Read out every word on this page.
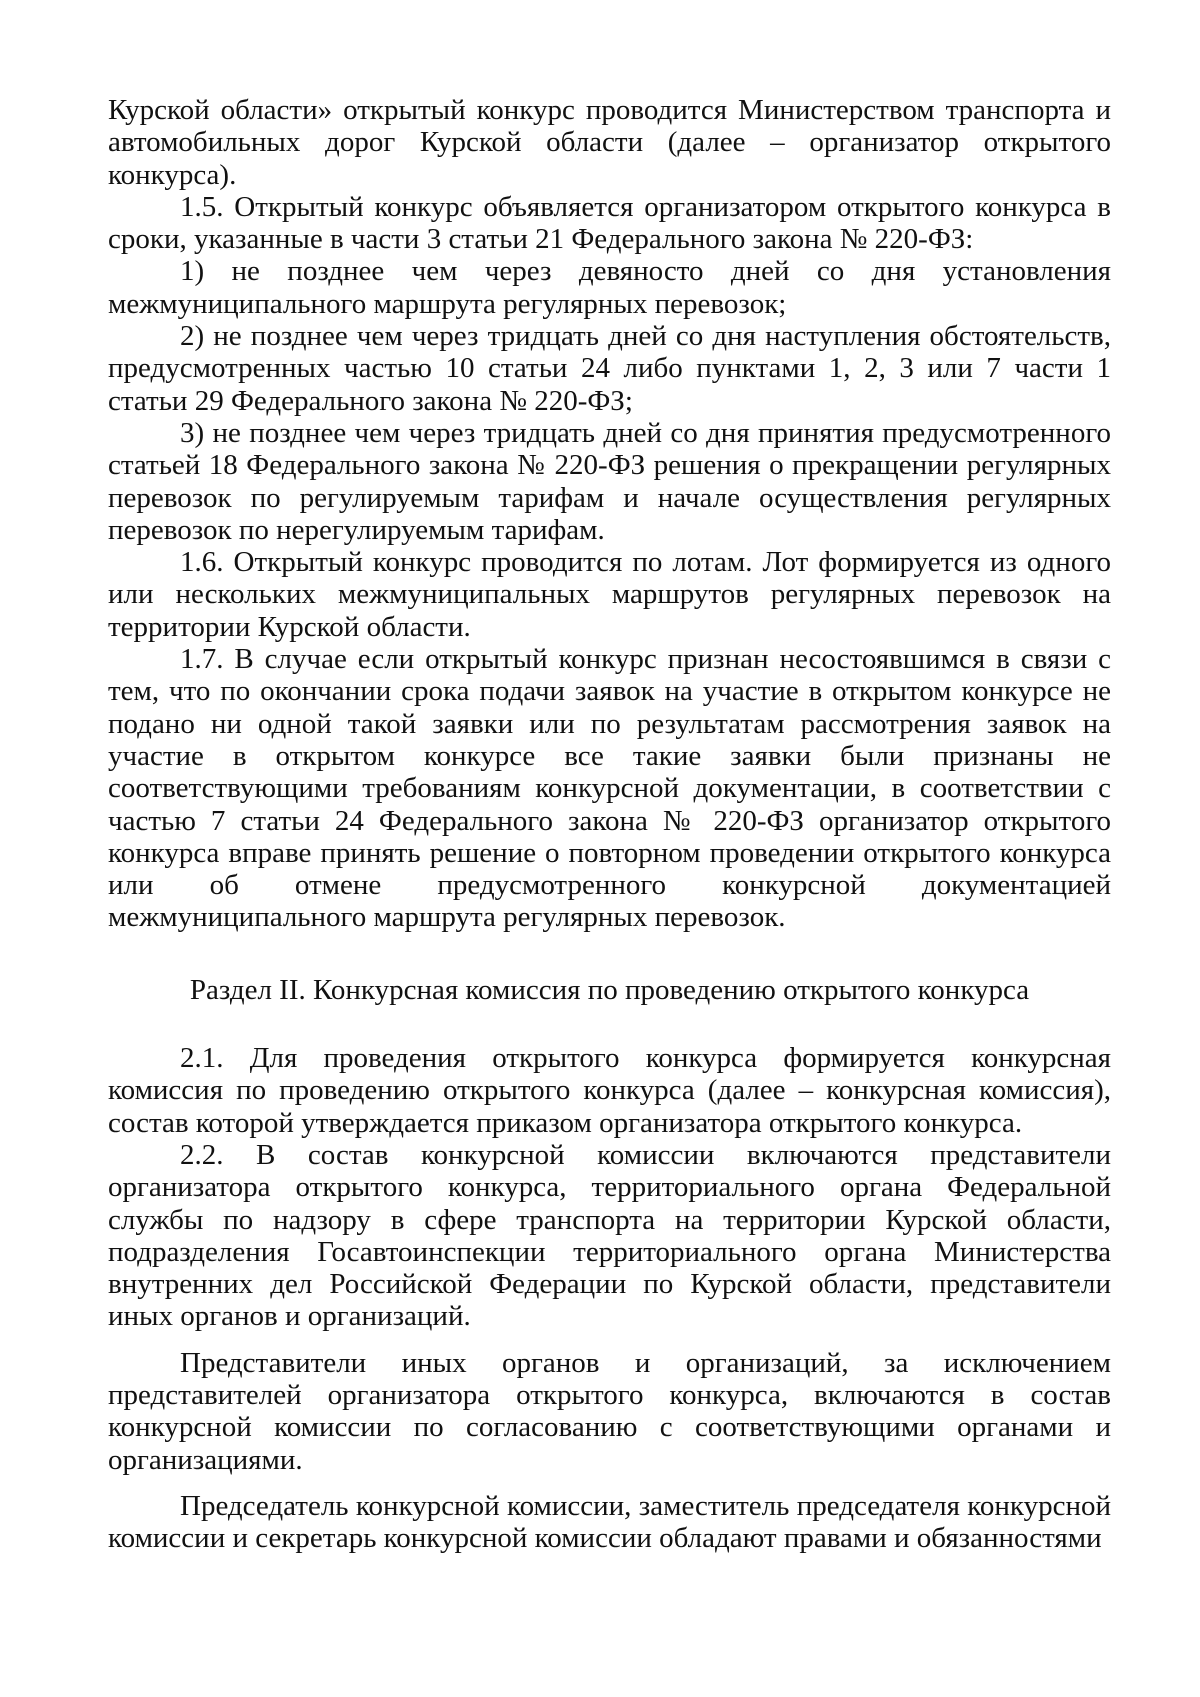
Курской области» открытый конкурс проводится Министерством транспорта и автомобильных дорог Курской области (далее – организатор открытого конкурса).

1.5. Открытый конкурс объявляется организатором открытого конкурса в сроки, указанные в части 3 статьи 21 Федерального закона № 220-ФЗ:

1) не позднее чем через девяносто дней со дня установления межмуниципального маршрута регулярных перевозок;

2) не позднее чем через тридцать дней со дня наступления обстоятельств, предусмотренных частью 10 статьи 24 либо пунктами 1, 2, 3 или 7 части 1 статьи 29 Федерального закона № 220-ФЗ;

3) не позднее чем через тридцать дней со дня принятия предусмотренного статьей 18 Федерального закона № 220-ФЗ решения о прекращении регулярных перевозок по регулируемым тарифам и начале осуществления регулярных перевозок по нерегулируемым тарифам.

1.6. Открытый конкурс проводится по лотам. Лот формируется из одного или нескольких межмуниципальных маршрутов регулярных перевозок на территории Курской области.

1.7. В случае если открытый конкурс признан несостоявшимся в связи с тем, что по окончании срока подачи заявок на участие в открытом конкурсе не подано ни одной такой заявки или по результатам рассмотрения заявок на участие в открытом конкурсе все такие заявки были признаны не соответствующими требованиям конкурсной документации, в соответствии с частью 7 статьи 24 Федерального закона № 220-ФЗ организатор открытого конкурса вправе принять решение о повторном проведении открытого конкурса или об отмене предусмотренного конкурсной документацией межмуниципального маршрута регулярных перевозок.

Раздел II. Конкурсная комиссия по проведению открытого конкурса

2.1. Для проведения открытого конкурса формируется конкурсная комиссия по проведению открытого конкурса (далее – конкурсная комиссия), состав которой утверждается приказом организатора открытого конкурса.

2.2. В состав конкурсной комиссии включаются представители организатора открытого конкурса, территориального органа Федеральной службы по надзору в сфере транспорта на территории Курской области, подразделения Госавтоинспекции территориального органа Министерства внутренних дел Российской Федерации по Курской области, представители иных органов и организаций.

Представители иных органов и организаций, за исключением представителей организатора открытого конкурса, включаются в состав конкурсной комиссии по согласованию с соответствующими органами и организациями.

Председатель конкурсной комиссии, заместитель председателя конкурсной комиссии и секретарь конкурсной комиссии обладают правами и обязанностями
